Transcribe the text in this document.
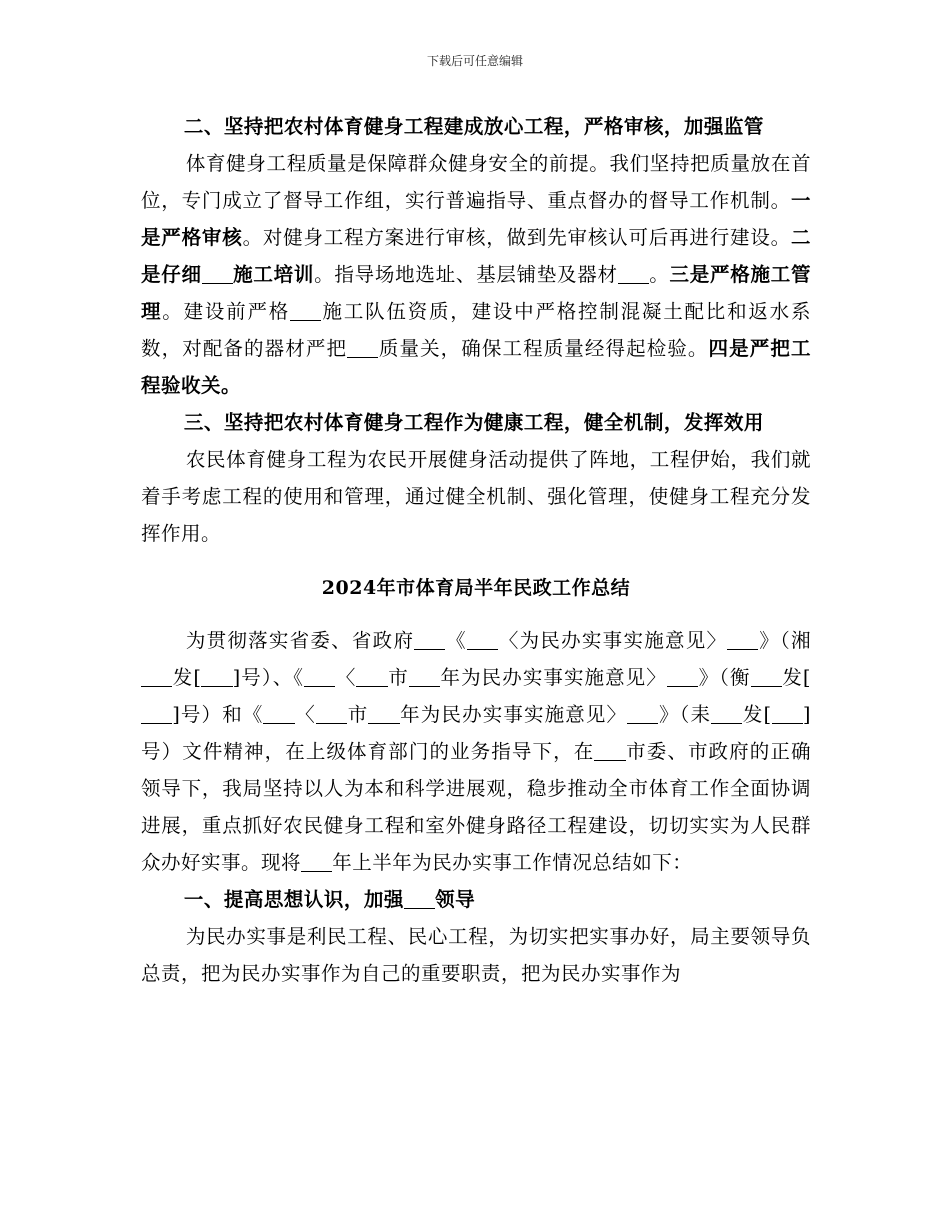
下载后可任意编辑

二、坚持把农村体育健身工程建成放心工程，严格审核，加强监管

体育健身工程质量是保障群众健身安全的前提。我们坚持把质量放在首位，专门成立了督导工作组，实行普遍指导、重点督办的督导工作机制。一是严格审核。对健身工程方案进行审核，做到先审核认可后再进行建设。二是仔细 施工培训。指导场地选址、基层铺垫及器材 。三是严格施工管理。建设前严格 施工队伍资质，建设中严格控制混凝土配比和返水系数，对配备的器材严把 质量关，确保工程质量经得起检验。四是严把工程验收关。

三、坚持把农村体育健身工程作为健康工程，健全机制，发挥效用

农民体育健身工程为农民开展健身活动提供了阵地，工程伊始，我们就着手考虑工程的使用和管理，通过健全机制、强化管理，使健身工程充分发挥作用。

2024年市体育局半年民政工作总结

为贯彻落实省委、省政府 《 〈为民办实事实施意见〉 》（湘发[ ]号）、《 〈 市 年为民办实事实施意见〉 》（衡 发[]号）和《 〈 市 年为民办实事实施意见〉 》（耒 发[ ]号）文件精神，在上级体育部门的业务指导下，在 市委、市政府的正确领导下，我局坚持以人为本和科学进展观，稳步推动全市体育工作全面协调进展，重点抓好农民健身工程和室外健身路径工程建设，切切实实为人民群众办好实事。现将 年上半年为民办实事工作情况总结如下：

一、提高思想认识，加强 领导

为民办实事是利民工程、民心工程，为切实把实事办好，局主要领导负总责，把为民办实事作为自己的重要职责，把为民办实事作为
